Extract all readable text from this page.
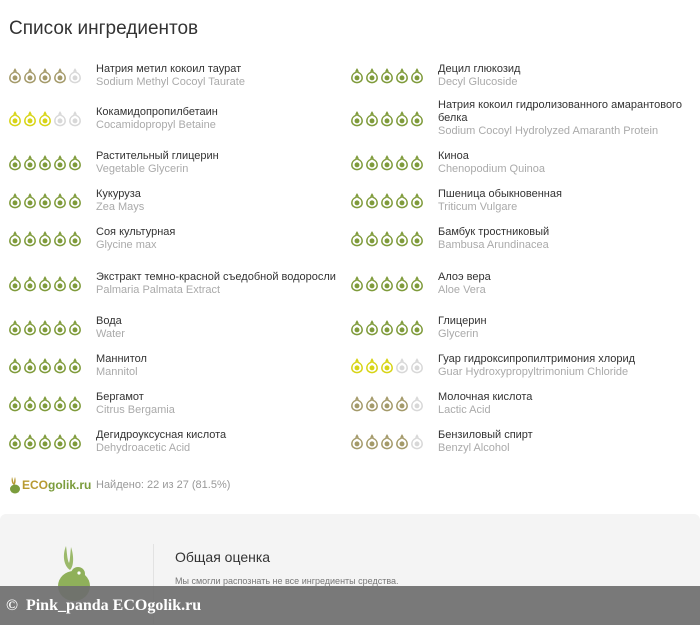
Список ингредиентов
Натрия метил кокоил таурат
Sodium Methyl Cocoyl Taurate
Децил глюкозид
Decyl Glucoside
Кокамидопропилбетаин
Cocamidopropyl Betaine
Натрия кокоил гидролизованного амарантового белка
Sodium Cocoyl Hydrolyzed Amaranth Protein
Растительный глицерин
Vegetable Glycerin
Киноа
Chenopodium Quinoa
Кукуруза
Zea Mays
Пшеница обыкновенная
Triticum Vulgare
Соя культурная
Glycine max
Бамбук тростниковый
Bambusa Arundinacea
Экстракт темно-красной съедобной водоросли
Palmaria Palmata Extract
Алоэ вера
Aloe Vera
Вода
Water
Глицерин
Glycerin
Маннитол
Mannitol
Гуар гидроксипропилтримония хлорид
Guar Hydroxypropyltrimonium Chloride
Бергамот
Citrus Bergamia
Молочная кислота
Lactic Acid
Дегидроуксусная кислота
Dehydroacetic Acid
Бензиловый спирт
Benzyl Alcohol
ECOgolik.ru Найдено: 22 из 27 (81.5%)
Общая оценка
Мы смогли распознать не все ингредиенты средства.
© Pink_panda ECOgolik.ru
